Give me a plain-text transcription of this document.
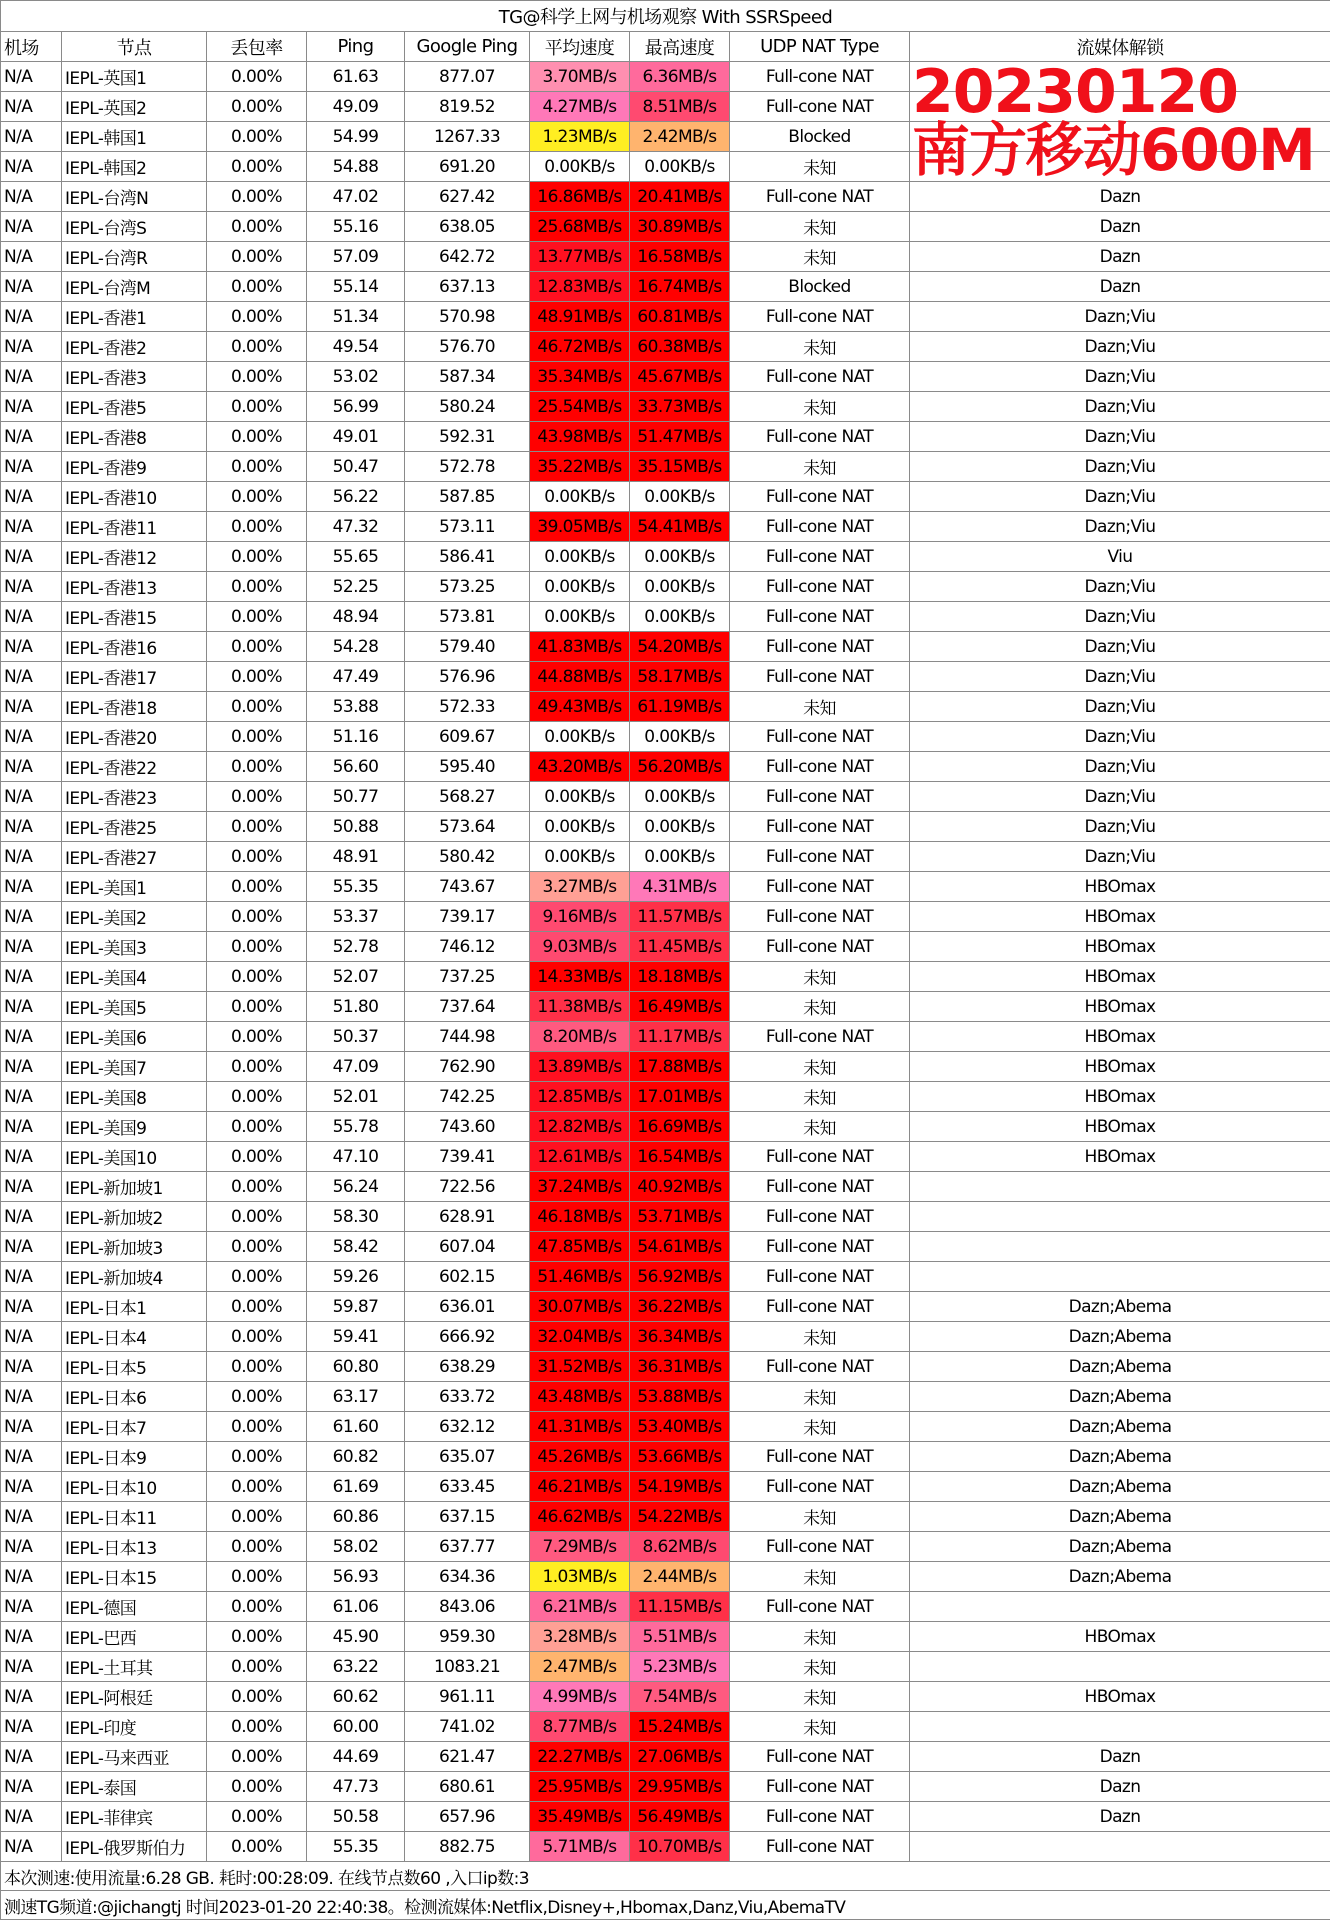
TG@科学上网与机场观察 With SSRSpeed								
机场	节点	丢包率	Ping	Google Ping	平均速度	最高速度	UDP NAT Type	流媒体解锁
N/A	IEPL-英国1	0.00%	61.63	877.07	3.70MB/s	6.36MB/s	Full-cone NAT	
N/A	IEPL-英国2	0.00%	49.09	819.52	4.27MB/s	8.51MB/s	Full-cone NAT	
N/A	IEPL-韩国1	0.00%	54.99	1267.33	1.23MB/s	2.42MB/s	Blocked	
N/A	IEPL-韩国2	0.00%	54.88	691.20	0.00KB/s	0.00KB/s	未知	
N/A	IEPL-台湾N	0.00%	47.02	627.42	16.86MB/s	20.41MB/s	Full-cone NAT	Dazn
N/A	IEPL-台湾S	0.00%	55.16	638.05	25.68MB/s	30.89MB/s	未知	Dazn
N/A	IEPL-台湾R	0.00%	57.09	642.72	13.77MB/s	16.58MB/s	未知	Dazn
N/A	IEPL-台湾M	0.00%	55.14	637.13	12.83MB/s	16.74MB/s	Blocked	Dazn
N/A	IEPL-香港1	0.00%	51.34	570.98	48.91MB/s	60.81MB/s	Full-cone NAT	Dazn;Viu
N/A	IEPL-香港2	0.00%	49.54	576.70	46.72MB/s	60.38MB/s	未知	Dazn;Viu
N/A	IEPL-香港3	0.00%	53.02	587.34	35.34MB/s	45.67MB/s	Full-cone NAT	Dazn;Viu
N/A	IEPL-香港5	0.00%	56.99	580.24	25.54MB/s	33.73MB/s	未知	Dazn;Viu
N/A	IEPL-香港8	0.00%	49.01	592.31	43.98MB/s	51.47MB/s	Full-cone NAT	Dazn;Viu
N/A	IEPL-香港9	0.00%	50.47	572.78	35.22MB/s	35.15MB/s	未知	Dazn;Viu
N/A	IEPL-香港10	0.00%	56.22	587.85	0.00KB/s	0.00KB/s	Full-cone NAT	Dazn;Viu
N/A	IEPL-香港11	0.00%	47.32	573.11	39.05MB/s	54.41MB/s	Full-cone NAT	Dazn;Viu
N/A	IEPL-香港12	0.00%	55.65	586.41	0.00KB/s	0.00KB/s	Full-cone NAT	Viu
N/A	IEPL-香港13	0.00%	52.25	573.25	0.00KB/s	0.00KB/s	Full-cone NAT	Dazn;Viu
N/A	IEPL-香港15	0.00%	48.94	573.81	0.00KB/s	0.00KB/s	Full-cone NAT	Dazn;Viu
N/A	IEPL-香港16	0.00%	54.28	579.40	41.83MB/s	54.20MB/s	Full-cone NAT	Dazn;Viu
N/A	IEPL-香港17	0.00%	47.49	576.96	44.88MB/s	58.17MB/s	Full-cone NAT	Dazn;Viu
N/A	IEPL-香港18	0.00%	53.88	572.33	49.43MB/s	61.19MB/s	未知	Dazn;Viu
N/A	IEPL-香港20	0.00%	51.16	609.67	0.00KB/s	0.00KB/s	Full-cone NAT	Dazn;Viu
N/A	IEPL-香港22	0.00%	56.60	595.40	43.20MB/s	56.20MB/s	Full-cone NAT	Dazn;Viu
N/A	IEPL-香港23	0.00%	50.77	568.27	0.00KB/s	0.00KB/s	Full-cone NAT	Dazn;Viu
N/A	IEPL-香港25	0.00%	50.88	573.64	0.00KB/s	0.00KB/s	Full-cone NAT	Dazn;Viu
N/A	IEPL-香港27	0.00%	48.91	580.42	0.00KB/s	0.00KB/s	Full-cone NAT	Dazn;Viu
N/A	IEPL-美国1	0.00%	55.35	743.67	3.27MB/s	4.31MB/s	Full-cone NAT	HBOmax
N/A	IEPL-美国2	0.00%	53.37	739.17	9.16MB/s	11.57MB/s	Full-cone NAT	HBOmax
N/A	IEPL-美国3	0.00%	52.78	746.12	9.03MB/s	11.45MB/s	Full-cone NAT	HBOmax
N/A	IEPL-美国4	0.00%	52.07	737.25	14.33MB/s	18.18MB/s	未知	HBOmax
N/A	IEPL-美国5	0.00%	51.80	737.64	11.38MB/s	16.49MB/s	未知	HBOmax
N/A	IEPL-美国6	0.00%	50.37	744.98	8.20MB/s	11.17MB/s	Full-cone NAT	HBOmax
N/A	IEPL-美国7	0.00%	47.09	762.90	13.89MB/s	17.88MB/s	未知	HBOmax
N/A	IEPL-美国8	0.00%	52.01	742.25	12.85MB/s	17.01MB/s	未知	HBOmax
N/A	IEPL-美国9	0.00%	55.78	743.60	12.82MB/s	16.69MB/s	未知	HBOmax
N/A	IEPL-美国10	0.00%	47.10	739.41	12.61MB/s	16.54MB/s	Full-cone NAT	HBOmax
N/A	IEPL-新加坡1	0.00%	56.24	722.56	37.24MB/s	40.92MB/s	Full-cone NAT	
N/A	IEPL-新加坡2	0.00%	58.30	628.91	46.18MB/s	53.71MB/s	Full-cone NAT	
N/A	IEPL-新加坡3	0.00%	58.42	607.04	47.85MB/s	54.61MB/s	Full-cone NAT	
N/A	IEPL-新加坡4	0.00%	59.26	602.15	51.46MB/s	56.92MB/s	Full-cone NAT	
N/A	IEPL-日本1	0.00%	59.87	636.01	30.07MB/s	36.22MB/s	Full-cone NAT	Dazn;Abema
N/A	IEPL-日本4	0.00%	59.41	666.92	32.04MB/s	36.34MB/s	未知	Dazn;Abema
N/A	IEPL-日本5	0.00%	60.80	638.29	31.52MB/s	36.31MB/s	Full-cone NAT	Dazn;Abema
N/A	IEPL-日本6	0.00%	63.17	633.72	43.48MB/s	53.88MB/s	未知	Dazn;Abema
N/A	IEPL-日本7	0.00%	61.60	632.12	41.31MB/s	53.40MB/s	未知	Dazn;Abema
N/A	IEPL-日本9	0.00%	60.82	635.07	45.26MB/s	53.66MB/s	Full-cone NAT	Dazn;Abema
N/A	IEPL-日本10	0.00%	61.69	633.45	46.21MB/s	54.19MB/s	Full-cone NAT	Dazn;Abema
N/A	IEPL-日本11	0.00%	60.86	637.15	46.62MB/s	54.22MB/s	未知	Dazn;Abema
N/A	IEPL-日本13	0.00%	58.02	637.77	7.29MB/s	8.62MB/s	Full-cone NAT	Dazn;Abema
N/A	IEPL-日本15	0.00%	56.93	634.36	1.03MB/s	2.44MB/s	未知	Dazn;Abema
N/A	IEPL-德国	0.00%	61.06	843.06	6.21MB/s	11.15MB/s	Full-cone NAT	
N/A	IEPL-巴西	0.00%	45.90	959.30	3.28MB/s	5.51MB/s	未知	HBOmax
N/A	IEPL-土耳其	0.00%	63.22	1083.21	2.47MB/s	5.23MB/s	未知	
N/A	IEPL-阿根廷	0.00%	60.62	961.11	4.99MB/s	7.54MB/s	未知	HBOmax
N/A	IEPL-印度	0.00%	60.00	741.02	8.77MB/s	15.24MB/s	未知	
N/A	IEPL-马来西亚	0.00%	44.69	621.47	22.27MB/s	27.06MB/s	Full-cone NAT	Dazn
N/A	IEPL-泰国	0.00%	47.73	680.61	25.95MB/s	29.95MB/s	Full-cone NAT	Dazn
N/A	IEPL-菲律宾	0.00%	50.58	657.96	35.49MB/s	56.49MB/s	Full-cone NAT	Dazn
N/A	IEPL-俄罗斯伯力	0.00%	55.35	882.75	5.71MB/s	10.70MB/s	Full-cone NAT	
本次测速:使用流量:6.28 GB. 耗时:00:28:09. 在线节点数60 ,入口ip数:3								
测速TG频道:@jichangtj 时间2023-01-20 22:40:38。检测流媒体:Netflix,Disney+,Hbomax,Danz,Viu,AbemaTV								
20230120
南方移动600M
